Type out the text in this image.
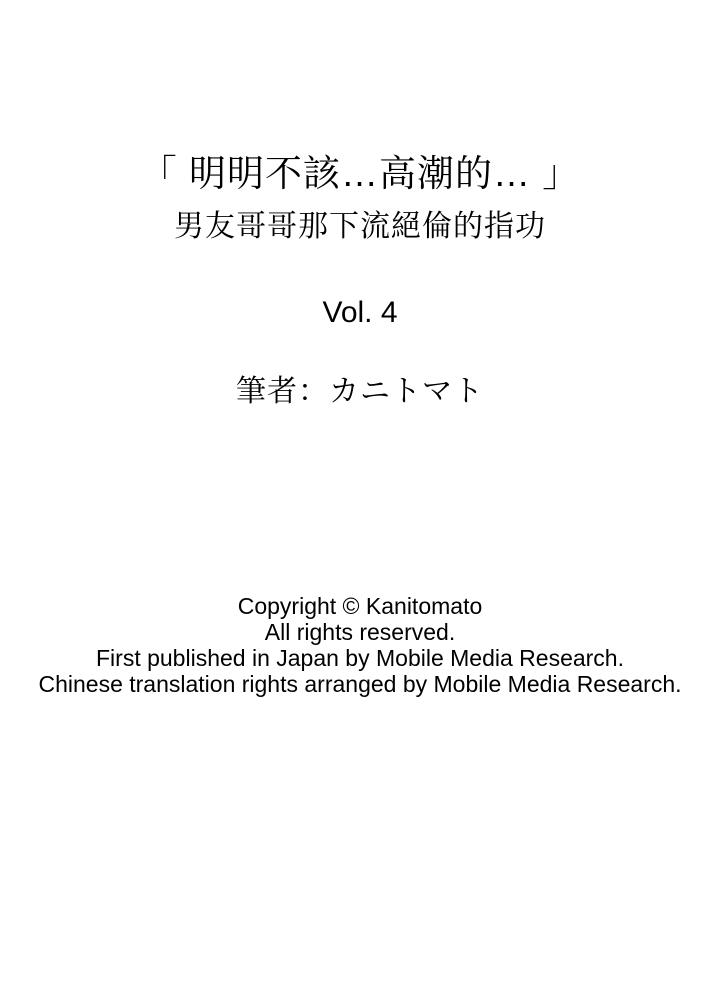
「 明明不該…高潮的… 」
男友哥哥那下流絕倫的指功
Vol. 4
筆者：カニトマト
Copyright © Kanitomato
All rights reserved.
First published in Japan by Mobile Media Research.
Chinese translation rights arranged by Mobile Media Research.
